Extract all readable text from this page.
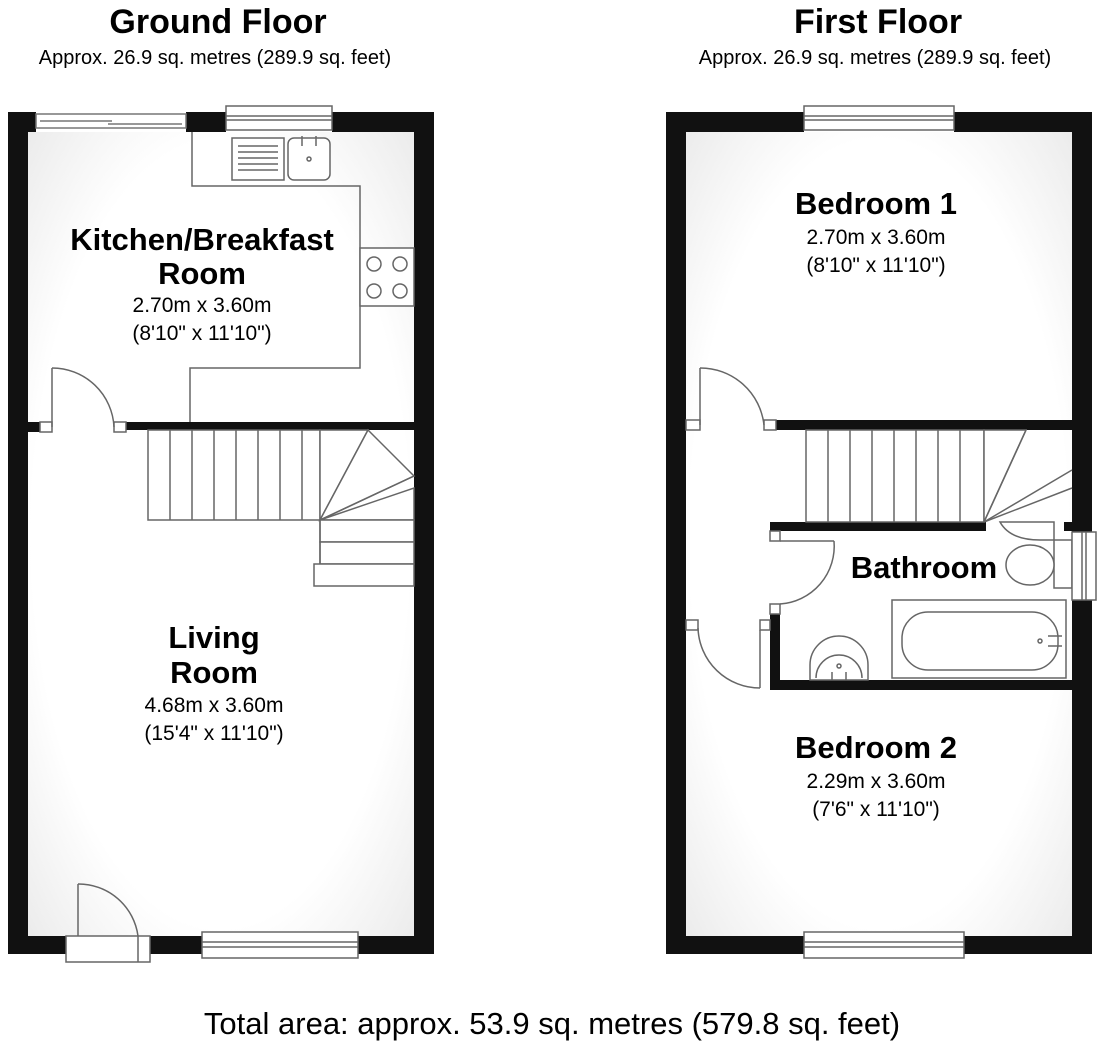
Ground Floor
Approx. 26.9 sq. metres (289.9 sq. feet)
First Floor
Approx. 26.9 sq. metres (289.9 sq. feet)
Kitchen/Breakfast
Room
2.70m x 3.60m
(8'10" x 11'10")
Living
Room
4.68m x 3.60m
(15'4" x 11'10")
Bedroom 1
2.70m x 3.60m
(8'10" x 11'10")
Bathroom
Bedroom 2
2.29m x 3.60m
(7'6" x 11'10")
Total area: approx. 53.9 sq. metres (579.8 sq. feet)
